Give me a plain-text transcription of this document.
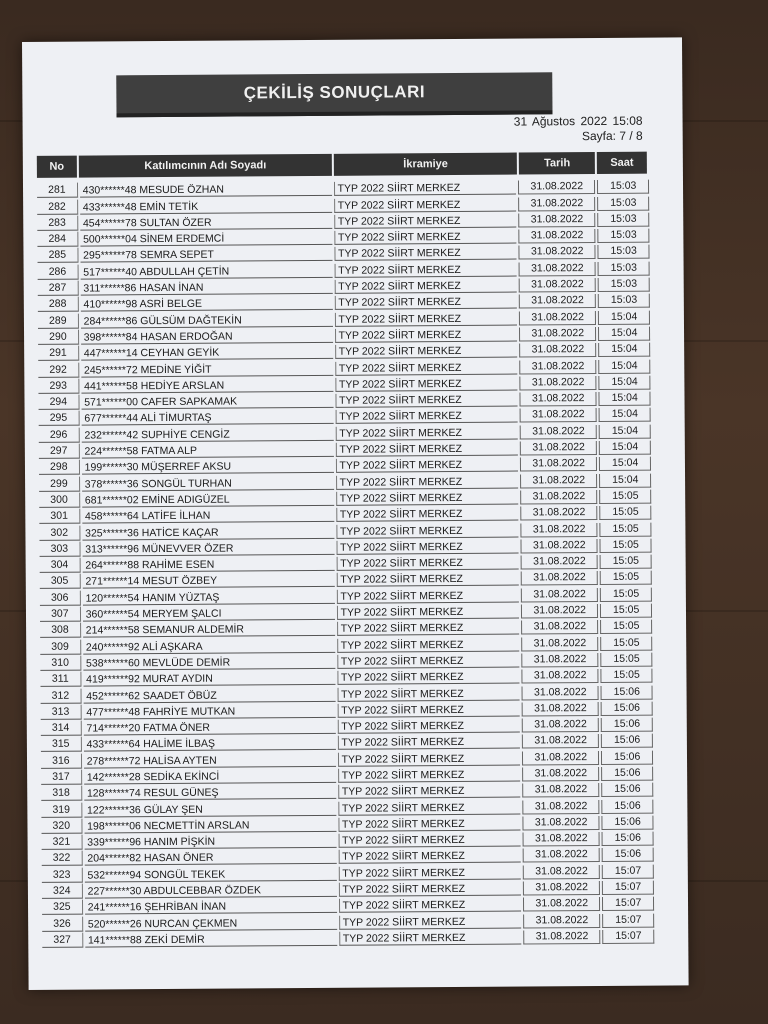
ÇEKİLİŞ SONUÇLARI
31 Ağustos 2022 15:08
Sayfa: 7 / 8
No	Katılımcının Adı Soyadı	İkramiye	Tarih	Saat
281	430******48 MESUDE ÖZHAN	TYP 2022 SİİRT MERKEZ	31.08.2022	15:03
282	433******48 EMİN TETİK	TYP 2022 SİİRT MERKEZ	31.08.2022	15:03
283	454******78 SULTAN ÖZER	TYP 2022 SİİRT MERKEZ	31.08.2022	15:03
284	500******04 SİNEM ERDEMCİ	TYP 2022 SİİRT MERKEZ	31.08.2022	15:03
285	295******78 SEMRA SEPET	TYP 2022 SİİRT MERKEZ	31.08.2022	15:03
286	517******40 ABDULLAH ÇETİN	TYP 2022 SİİRT MERKEZ	31.08.2022	15:03
287	311******86 HASAN İNAN	TYP 2022 SİİRT MERKEZ	31.08.2022	15:03
288	410******98 ASRİ BELGE	TYP 2022 SİİRT MERKEZ	31.08.2022	15:03
289	284******86 GÜLSÜM DAĞTEKİN	TYP 2022 SİİRT MERKEZ	31.08.2022	15:04
290	398******84 HASAN ERDOĞAN	TYP 2022 SİİRT MERKEZ	31.08.2022	15:04
291	447******14 CEYHAN GEYİK	TYP 2022 SİİRT MERKEZ	31.08.2022	15:04
292	245******72 MEDİNE YİĞİT	TYP 2022 SİİRT MERKEZ	31.08.2022	15:04
293	441******58 HEDİYE ARSLAN	TYP 2022 SİİRT MERKEZ	31.08.2022	15:04
294	571******00 CAFER SAPKAMAK	TYP 2022 SİİRT MERKEZ	31.08.2022	15:04
295	677******44 ALİ TİMURTAŞ	TYP 2022 SİİRT MERKEZ	31.08.2022	15:04
296	232******42 SUPHİYE CENGİZ	TYP 2022 SİİRT MERKEZ	31.08.2022	15:04
297	224******58 FATMA ALP	TYP 2022 SİİRT MERKEZ	31.08.2022	15:04
298	199******30 MÜŞERREF AKSU	TYP 2022 SİİRT MERKEZ	31.08.2022	15:04
299	378******36 SONGÜL TURHAN	TYP 2022 SİİRT MERKEZ	31.08.2022	15:04
300	681******02 EMİNE ADIGÜZEL	TYP 2022 SİİRT MERKEZ	31.08.2022	15:05
301	458******64 LATİFE İLHAN	TYP 2022 SİİRT MERKEZ	31.08.2022	15:05
302	325******36 HATİCE KAÇAR	TYP 2022 SİİRT MERKEZ	31.08.2022	15:05
303	313******96 MÜNEVVER ÖZER	TYP 2022 SİİRT MERKEZ	31.08.2022	15:05
304	264******88 RAHİME ESEN	TYP 2022 SİİRT MERKEZ	31.08.2022	15:05
305	271******14 MESUT ÖZBEY	TYP 2022 SİİRT MERKEZ	31.08.2022	15:05
306	120******54 HANIM YÜZTAŞ	TYP 2022 SİİRT MERKEZ	31.08.2022	15:05
307	360******54 MERYEM ŞALCI	TYP 2022 SİİRT MERKEZ	31.08.2022	15:05
308	214******58 SEMANUR ALDEMİR	TYP 2022 SİİRT MERKEZ	31.08.2022	15:05
309	240******92 ALİ AŞKARA	TYP 2022 SİİRT MERKEZ	31.08.2022	15:05
310	538******60 MEVLÜDE DEMİR	TYP 2022 SİİRT MERKEZ	31.08.2022	15:05
311	419******92 MURAT AYDIN	TYP 2022 SİİRT MERKEZ	31.08.2022	15:05
312	452******62 SAADET ÖBÜZ	TYP 2022 SİİRT MERKEZ	31.08.2022	15:06
313	477******48 FAHRİYE MUTKAN	TYP 2022 SİİRT MERKEZ	31.08.2022	15:06
314	714******20 FATMA ÖNER	TYP 2022 SİİRT MERKEZ	31.08.2022	15:06
315	433******64 HALİME İLBAŞ	TYP 2022 SİİRT MERKEZ	31.08.2022	15:06
316	278******72 HALİSA AYTEN	TYP 2022 SİİRT MERKEZ	31.08.2022	15:06
317	142******28 SEDİKA EKİNCİ	TYP 2022 SİİRT MERKEZ	31.08.2022	15:06
318	128******74 RESUL GÜNEŞ	TYP 2022 SİİRT MERKEZ	31.08.2022	15:06
319	122******36 GÜLAY ŞEN	TYP 2022 SİİRT MERKEZ	31.08.2022	15:06
320	198******06 NECMETTİN ARSLAN	TYP 2022 SİİRT MERKEZ	31.08.2022	15:06
321	339******96 HANIM PİŞKİN	TYP 2022 SİİRT MERKEZ	31.08.2022	15:06
322	204******82 HASAN ÖNER	TYP 2022 SİİRT MERKEZ	31.08.2022	15:06
323	532******94 SONGÜL TEKEK	TYP 2022 SİİRT MERKEZ	31.08.2022	15:07
324	227******30 ABDULCEBBAR ÖZDEK	TYP 2022 SİİRT MERKEZ	31.08.2022	15:07
325	241******16 ŞEHRİBAN İNAN	TYP 2022 SİİRT MERKEZ	31.08.2022	15:07
326	520******26 NURCAN ÇEKMEN	TYP 2022 SİİRT MERKEZ	31.08.2022	15:07
327	141******88 ZEKİ DEMİR	TYP 2022 SİİRT MERKEZ	31.08.2022	15:07
